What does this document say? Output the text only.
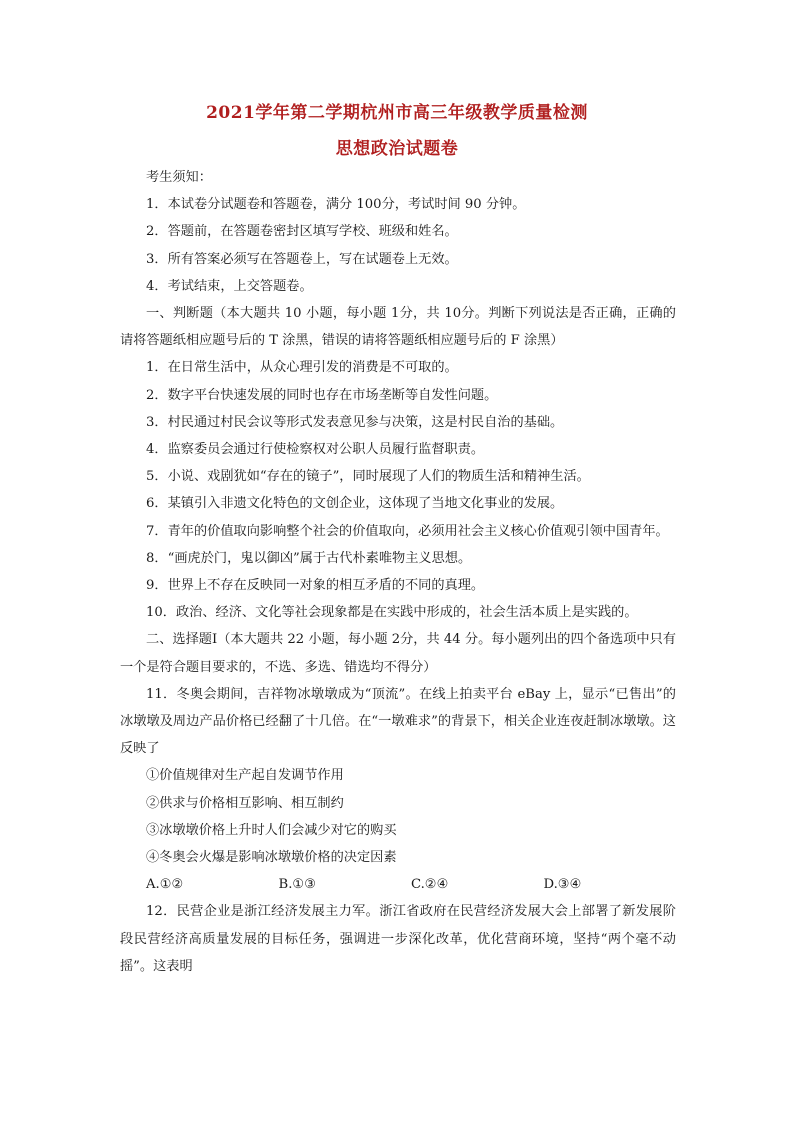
2021学年第二学期杭州市高三年级教学质量检测
思想政治试题卷

考生须知：

1．本试卷分试题卷和答题卷，满分 100分，考试时间 90 分钟。

2．答题前，在答题卷密封区填写学校、班级和姓名。

3．所有答案必须写在答题卷上，写在试题卷上无效。

4．考试结束，上交答题卷。

一、判断题（本大题共 10 小题，每小题 1分，共 10分。判断下列说法是否正确，正确的请将答题纸相应题号后的 T 涂黑，错误的请将答题纸相应题号后的 F 涂黑）

1．在日常生活中，从众心理引发的消费是不可取的。

2．数字平台快速发展的同时也存在市场垄断等自发性问题。

3．村民通过村民会议等形式发表意见参与决策，这是村民自治的基础。

4．监察委员会通过行使检察权对公职人员履行监督职责。

5．小说、戏剧犹如“存在的镜子”，同时展现了人们的物质生活和精神生活。

6．某镇引入非遗文化特色的文创企业，这体现了当地文化事业的发展。

7．青年的价值取向影响整个社会的价值取向，必须用社会主义核心价值观引领中国青年。

8．“画虎於门，鬼以御凶”属于古代朴素唯物主义思想。

9．世界上不存在反映同一对象的相互矛盾的不同的真理。

10．政治、经济、文化等社会现象都是在实践中形成的，社会生活本质上是实践的。

二、选择题Ⅰ（本大题共 22 小题，每小题 2分，共 44 分。每小题列出的四个备选项中只有一个是符合题目要求的，不选、多选、错选均不得分）

11．冬奥会期间，吉祥物冰墩墩成为“顶流”。在线上拍卖平台 eBay 上，显示“已售出”的冰墩墩及周边产品价格已经翻了十几倍。在“一墩难求”的背景下，相关企业连夜赶制冰墩墩。这反映了

①价值规律对生产起自发调节作用

②供求与价格相互影响、相互制约

③冰墩墩价格上升时人们会减少对它的购买

④冬奥会火爆是影响冰墩墩价格的决定因素

A.①②	B.①③	C.②④	D.③④

12．民营企业是浙江经济发展主力军。浙江省政府在民营经济发展大会上部署了新发展阶段民营经济高质量发展的目标任务，强调进一步深化改革，优化营商环境，坚持“两个毫不动摇”。这表明
